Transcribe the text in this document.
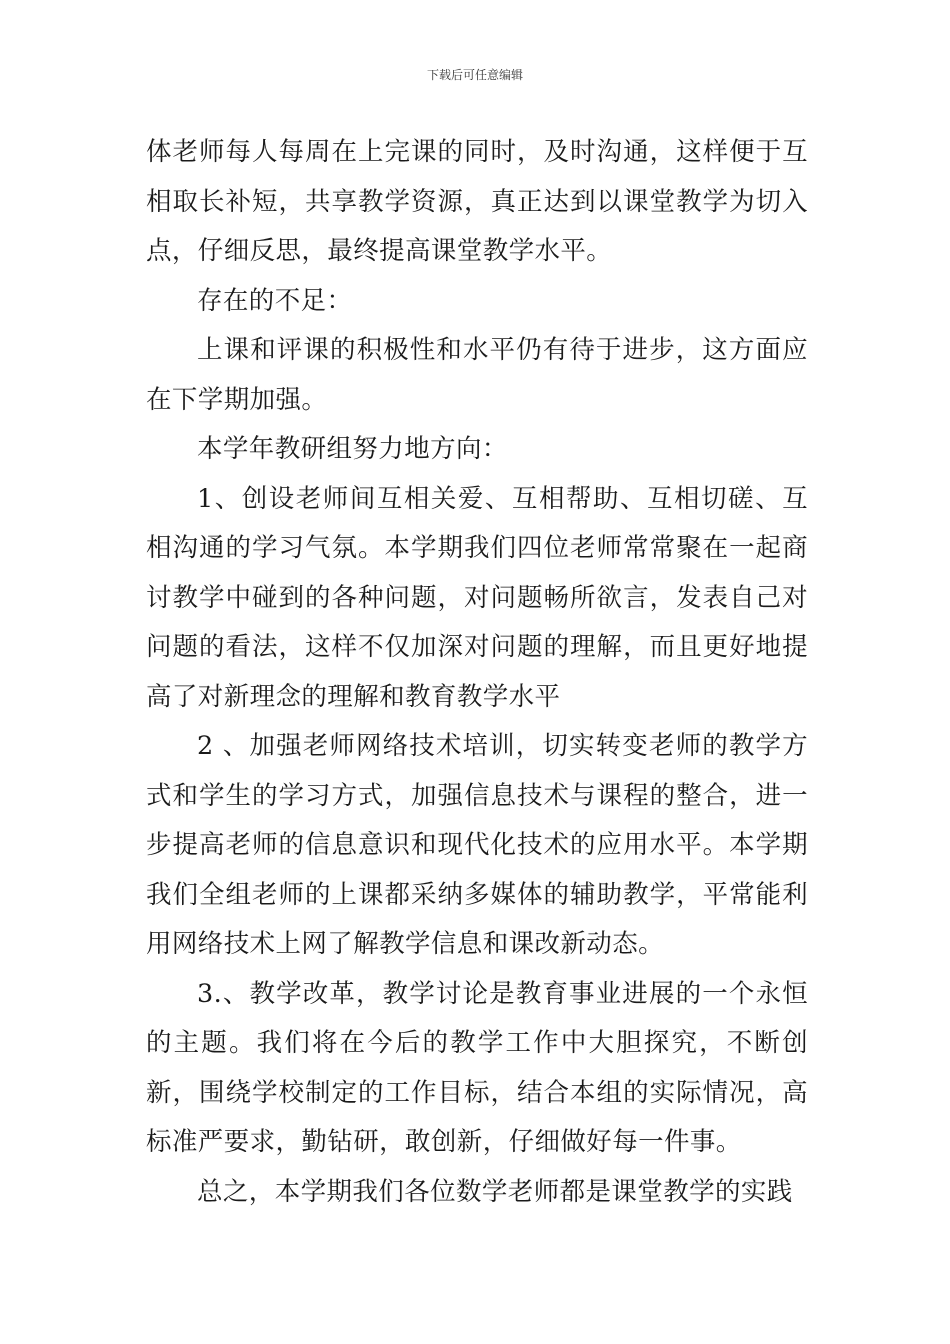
下载后可任意编辑

体老师每人每周在上完课的同时，及时沟通，这样便于互相取长补短，共享教学资源，真正达到以课堂教学为切入点，仔细反思，最终提高课堂教学水平。

存在的不足：

上课和评课的积极性和水平仍有待于进步，这方面应在下学期加强。

本学年教研组努力地方向：

1、创设老师间互相关爱、互相帮助、互相切磋、互相沟通的学习气氛。本学期我们四位老师常常聚在一起商讨教学中碰到的各种问题，对问题畅所欲言，发表自己对问题的看法，这样不仅加深对问题的理解，而且更好地提高了对新理念的理解和教育教学水平

2 、加强老师网络技术培训，切实转变老师的教学方式和学生的学习方式，加强信息技术与课程的整合，进一步提高老师的信息意识和现代化技术的应用水平。本学期我们全组老师的上课都采纳多媒体的辅助教学，平常能利用网络技术上网了解教学信息和课改新动态。

3.、教学改革，教学讨论是教育事业进展的一个永恒的主题。我们将在今后的教学工作中大胆探究，不断创新，围绕学校制定的工作目标，结合本组的实际情况，高标准严要求，勤钻研，敢创新，仔细做好每一件事。

总之，本学期我们各位数学老师都是课堂教学的实践
